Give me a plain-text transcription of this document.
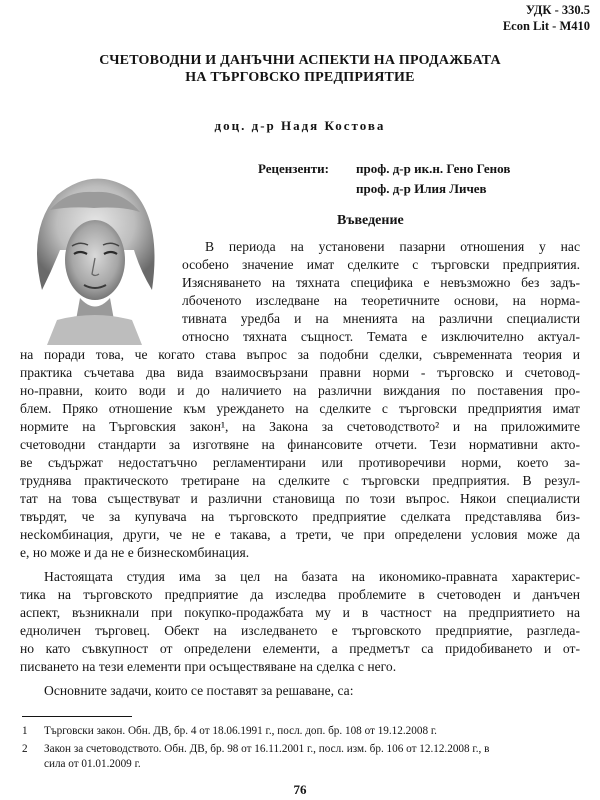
УДК - 330.5
Econ Lit - M410
СЧЕТОВОДНИ И ДАНЪЧНИ АСПЕКТИ НА ПРОДАЖБАТА
НА ТЪРГОВСКО ПРЕДПРИЯТИЕ
доц. д-р Надя Костова
Рецензенти:	проф. д-р ик.н. Гено Генов
проф. д-р Илия Личев
Въведение
В периода на установени пазарни отношения у нас
особено значение имат сделките с търговски предприятия.
Изясняването на тяхната специфика е невъзможно без задъ-
лбоченото изследване на теоретичните основи, на норма-
тивната уредба и на мненията на различни специалисти
относно тяхната същност. Темата е изключително актуал-
на поради това, че когато става въпрос за подобни сделки, съвременната теория и
практика съчетава два вида взаимосвързани правни норми - търговско и счетовод-
но-правни, които води и до наличието на различни виждания по поставения про-
блем. Пряко отношение към уреждането на сделките с търговски предприятия имат
нормите на Търговския закон¹, на Закона за счетоводството² и на приложимите
счетоводни стандарти за изготвяне на финансовите отчети. Тези нормативни акто-
ве съдържат недостатъчно регламентирани или противоречиви норми, което за-
труднява практическото третиране на сделките с търговски предприятия. В резул-
тат на това съществуват и различни становища по този въпрос. Някои специалисти
твърдят, че за купувача на търговското предприятие сделката представлява биз-
несkомбинация, други, че не е такава, а трети, че при определени условия може да
е, но може и да не е бизнескомбинация.
Настоящата студия има за цел на базата на икономико-правната характерис-
тика на търговското предприятие да изследва проблемите в счетоводен и данъчен
аспект, възникнали при покупко-продажбата му и в частност на предприятието на
едноличен търговец. Обект на изследването е търговското предприятие, разгледа-
но като съвкупност от определени елементи, а предметът са придобиването и от-
писването на тези елементи при осъществяване на сделка с него.
Основните задачи, които се поставят за решаване, са:
1 Търговски закон. Обн. ДВ, бр. 4 от 18.06.1991 г., посл. доп. бр. 108 от 19.12.2008 г.
2 Закон за счетоводството. Обн. ДВ, бр. 98 от 16.11.2001 г., посл. изм. бр. 106 от 12.12.2008 г., в
сила от 01.01.2009 г.
76
